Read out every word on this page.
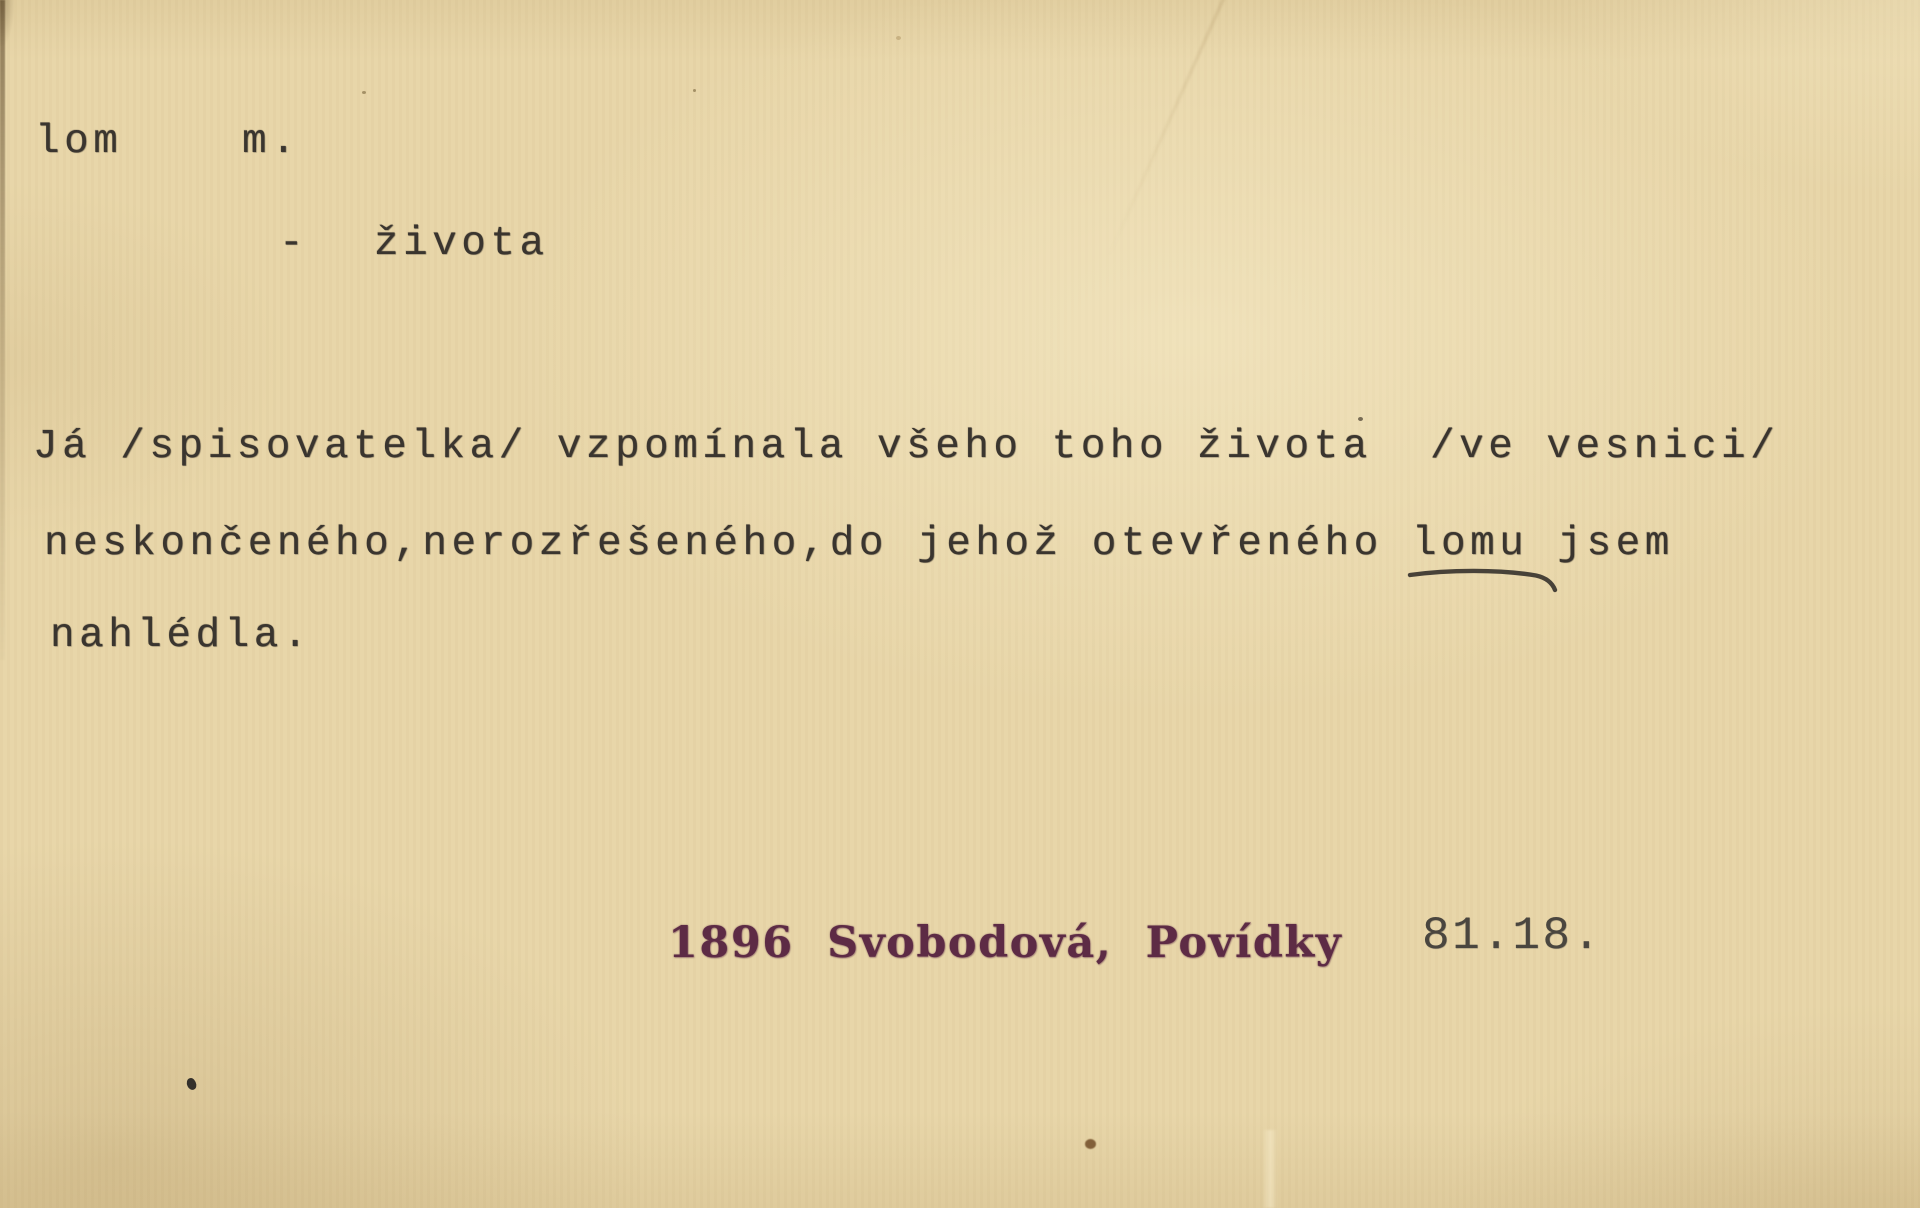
lom	m.
- života
Já /spisovatelka/ vzpomínala všeho toho života  /ve vesnici/
neskončeného,nerozřešeného,do jehož otevřeného lomu
jsem
nahlédla.
1896 Svobodová, Povídky 81.18.
